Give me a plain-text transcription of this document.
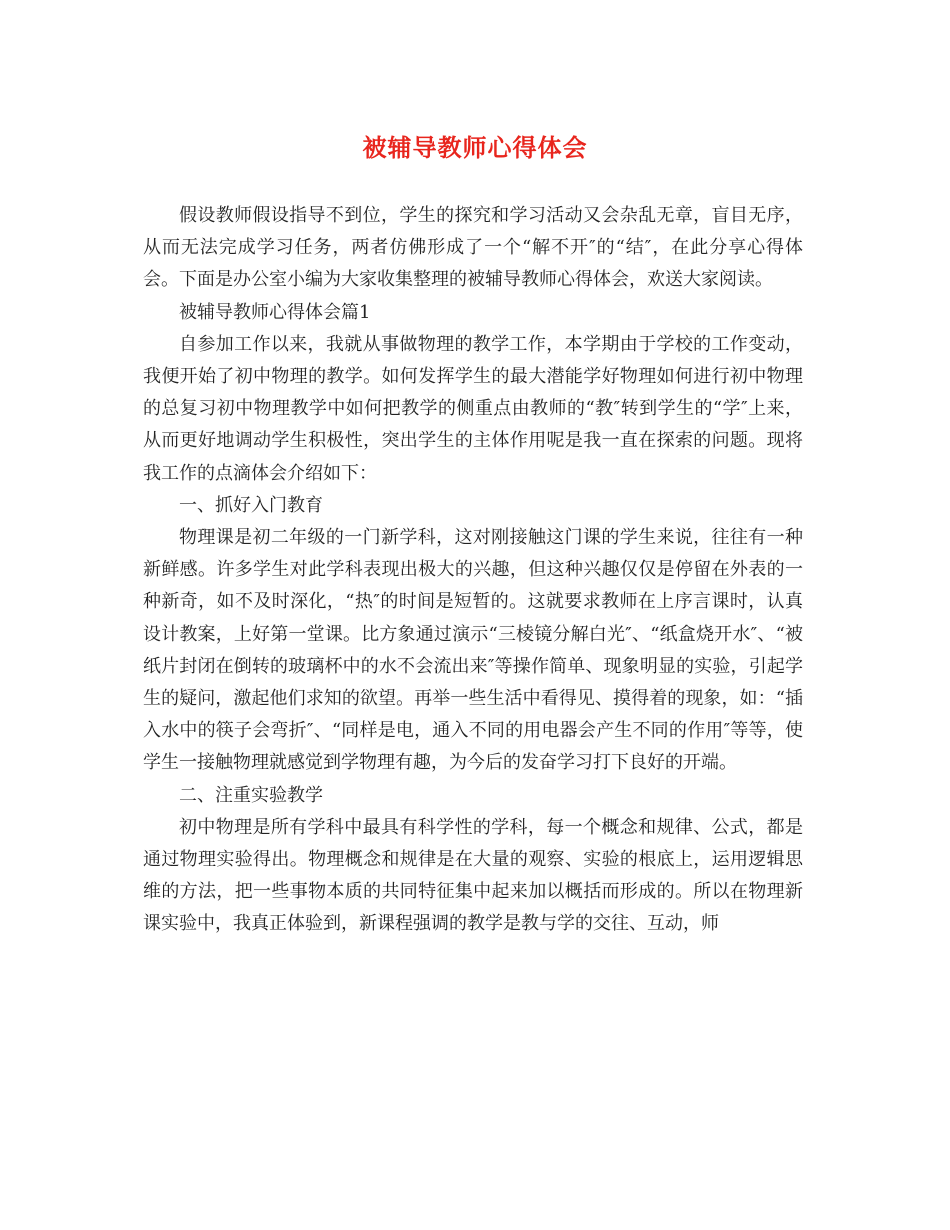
被辅导教师心得体会

假设教师假设指导不到位，学生的探究和学习活动又会杂乱无章，盲目无序，从而无法完成学习任务，两者仿佛形成了一个“解不开″的“结″，在此分享心得体会。下面是办公室小编为大家收集整理的被辅导教师心得体会，欢送大家阅读。

被辅导教师心得体会篇1

自参加工作以来，我就从事做物理的教学工作，本学期由于学校的工作变动，我便开始了初中物理的教学。如何发挥学生的最大潜能学好物理如何进行初中物理的总复习初中物理教学中如何把教学的侧重点由教师的“教″转到学生的“学″上来，从而更好地调动学生积极性，突出学生的主体作用呢是我一直在探索的问题。现将我工作的点滴体会介绍如下：

一、抓好入门教育

物理课是初二年级的一门新学科，这对刚接触这门课的学生来说，往往有一种新鲜感。许多学生对此学科表现出极大的兴趣，但这种兴趣仅仅是停留在外表的一种新奇，如不及时深化，“热″的时间是短暂的。这就要求教师在上序言课时，认真设计教案，上好第一堂课。比方象通过演示“三棱镜分解白光″、“纸盒烧开水″、“被纸片封闭在倒转的玻璃杯中的水不会流出来″等操作简单、现象明显的实验，引起学生的疑问，激起他们求知的欲望。再举一些生活中看得见、摸得着的现象，如：“插入水中的筷子会弯折″、“同样是电，通入不同的用电器会产生不同的作用″等等，使学生一接触物理就感觉到学物理有趣，为今后的发奋学习打下良好的开端。

二、注重实验教学

初中物理是所有学科中最具有科学性的学科，每一个概念和规律、公式，都是通过物理实验得出。物理概念和规律是在大量的观察、实验的根底上，运用逻辑思维的方法，把一些事物本质的共同特征集中起来加以概括而形成的。所以在物理新课实验中，我真正体验到，新课程强调的教学是教与学的交往、互动，师
